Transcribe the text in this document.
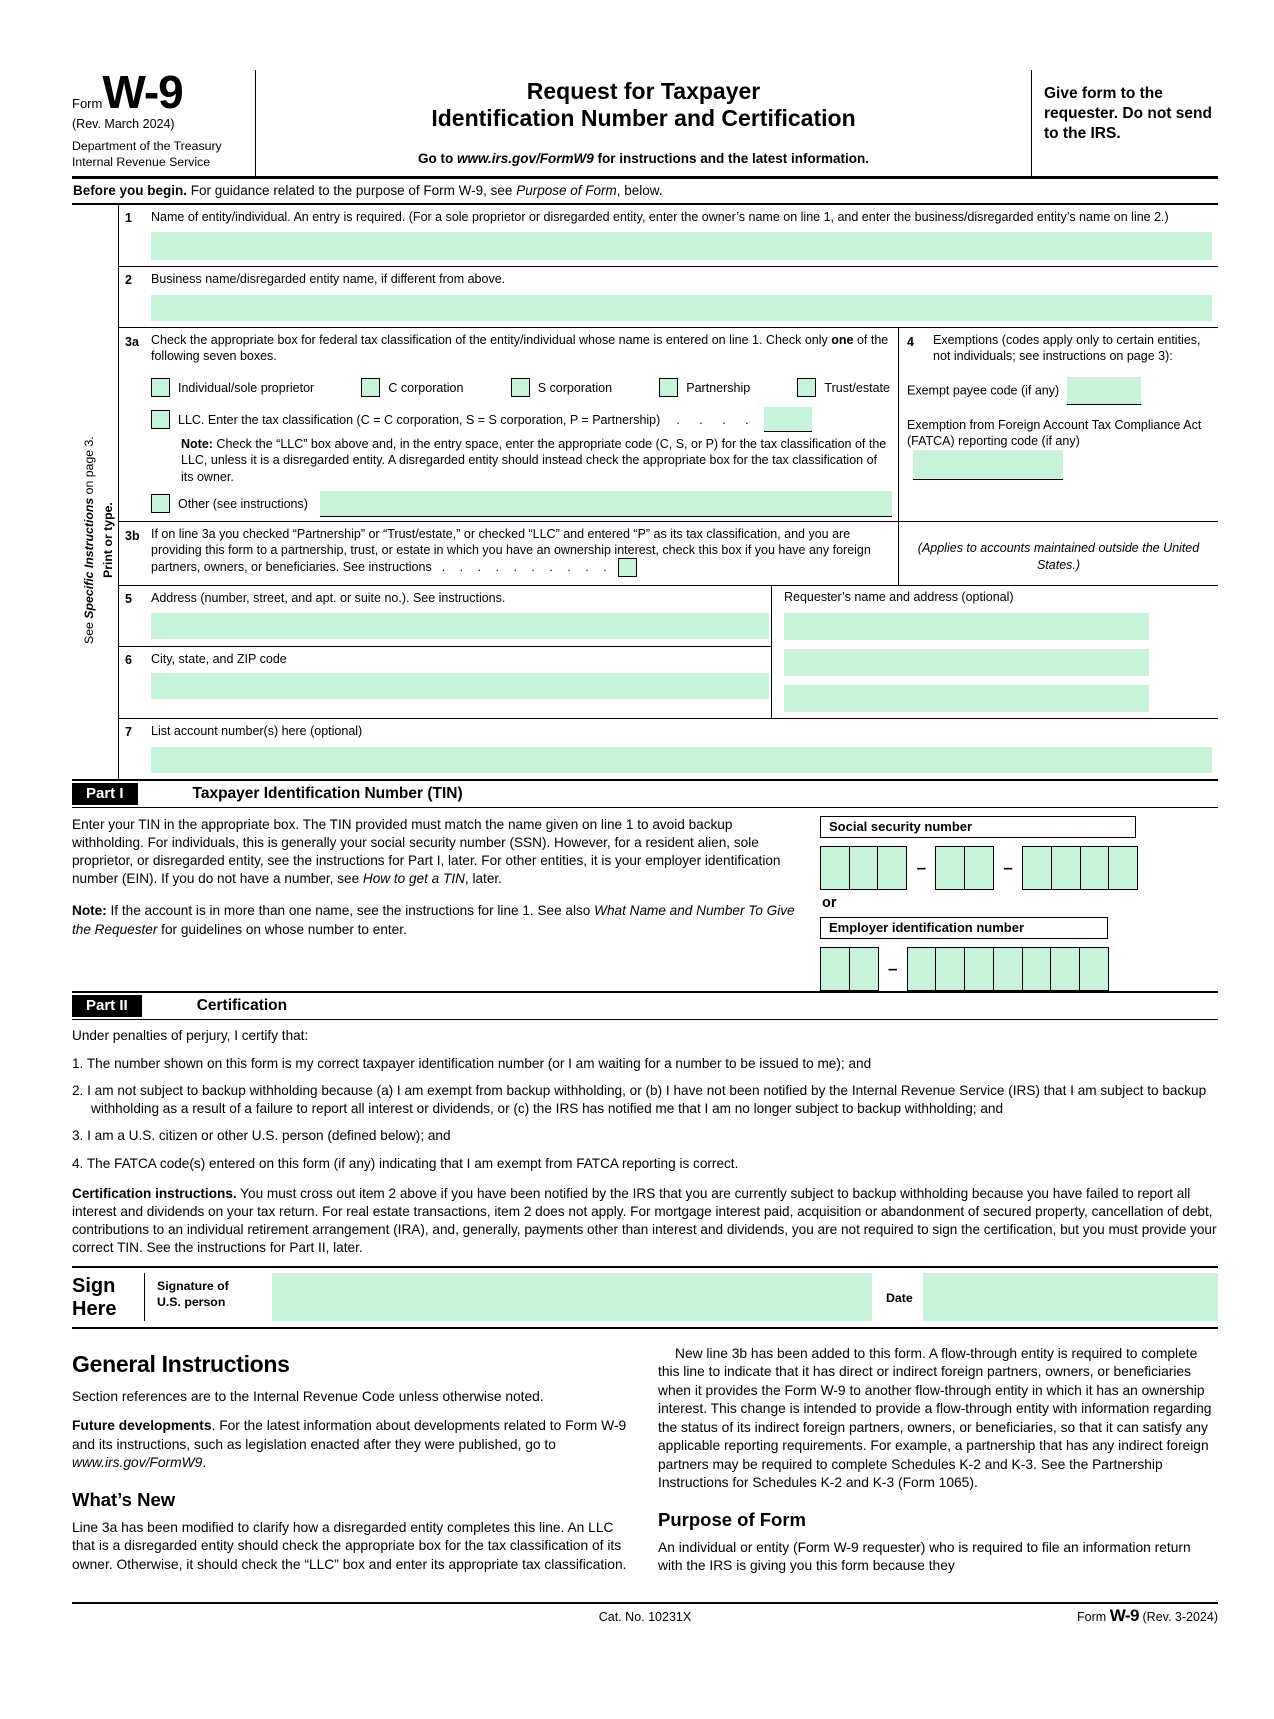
FormW-9
(Rev. March 2024)
Department of the Treasury
Internal Revenue Service
Request for Taxpayer
Identification Number and Certification
Go to www.irs.gov/FormW9 for instructions and the latest information.
Give form to the requester. Do not send to the IRS.
Before you begin. For guidance related to the purpose of Form W-9, see Purpose of Form, below.
Print or type.
See Specific Instructions on page 3.
1	Name of entity/individual. An entry is required. (For a sole proprietor or disregarded entity, enter the owner’s name on line 1, and enter the business/disregarded entity’s name on line 2.)
2	Business name/disregarded entity name, if different from above.
3a Check the appropriate box for federal tax classification of the entity/individual whose name is entered on line 1. Check only one of the following seven boxes.
Individual/sole proprietor	C corporation	S corporation	Partnership	Trust/estate
LLC. Enter the tax classification (C = C corporation, S = S corporation, P = Partnership) . . . .
Note: Check the “LLC” box above and, in the entry space, enter the appropriate code (C, S, or P) for the tax classification of the LLC, unless it is a disregarded entity. A disregarded entity should instead check the appropriate box for the tax classification of its owner.
Other (see instructions)
4	Exemptions (codes apply only to certain entities, not individuals; see instructions on page 3):
Exempt payee code (if any)
Exemption from Foreign Account Tax Compliance Act (FATCA) reporting code (if any)
3b If on line 3a you checked “Partnership” or “Trust/estate,” or checked “LLC” and entered “P” as its tax classification, and you are providing this form to a partnership, trust, or estate in which you have an ownership interest, check this box if you have any foreign partners, owners, or beneficiaries. See instructions . . . . . . . . . .
(Applies to accounts maintained outside the United States.)
5	Address (number, street, and apt. or suite no.). See instructions.
6	City, state, and ZIP code
Requester’s name and address (optional)
7	List account number(s) here (optional)
Part I	Taxpayer Identification Number (TIN)

Enter your TIN in the appropriate box. The TIN provided must match the name given on line 1 to avoid backup withholding. For individuals, this is generally your social security number (SSN). However, for a resident alien, sole proprietor, or disregarded entity, see the instructions for Part I, later. For other entities, it is your employer identification number (EIN). If you do not have a number, see How to get a TIN, later.

Note: If the account is in more than one name, see the instructions for line 1. See also What Name and Number To Give the Requester for guidelines on whose number to enter.

Social security number
–	–
or
Employer identification number
–
Part II	Certification
Under penalties of perjury, I certify that:
1. The number shown on this form is my correct taxpayer identification number (or I am waiting for a number to be issued to me); and
2. I am not subject to backup withholding because (a) I am exempt from backup withholding, or (b) I have not been notified by the Internal Revenue Service (IRS) that I am subject to backup withholding as a result of a failure to report all interest or dividends, or (c) the IRS has notified me that I am no longer subject to backup withholding; and
3. I am a U.S. citizen or other U.S. person (defined below); and
4. The FATCA code(s) entered on this form (if any) indicating that I am exempt from FATCA reporting is correct.
Certification instructions. You must cross out item 2 above if you have been notified by the IRS that you are currently subject to backup withholding because you have failed to report all interest and dividends on your tax return. For real estate transactions, item 2 does not apply. For mortgage interest paid, acquisition or abandonment of secured property, cancellation of debt, contributions to an individual retirement arrangement (IRA), and, generally, payments other than interest and dividends, you are not required to sign the certification, but you must provide your correct TIN. See the instructions for Part II, later.
Sign
Here
Signature of
U.S. person	Date
General Instructions

Section references are to the Internal Revenue Code unless otherwise noted.

Future developments. For the latest information about developments related to Form W-9 and its instructions, such as legislation enacted after they were published, go to www.irs.gov/FormW9.

What’s New

Line 3a has been modified to clarify how a disregarded entity completes this line. An LLC that is a disregarded entity should check the appropriate box for the tax classification of its owner. Otherwise, it should check the “LLC” box and enter its appropriate tax classification.

New line 3b has been added to this form. A flow-through entity is required to complete this line to indicate that it has direct or indirect foreign partners, owners, or beneficiaries when it provides the Form W-9 to another flow-through entity in which it has an ownership interest. This change is intended to provide a flow-through entity with information regarding the status of its indirect foreign partners, owners, or beneficiaries, so that it can satisfy any applicable reporting requirements. For example, a partnership that has any indirect foreign partners may be required to complete Schedules K-2 and K-3. See the Partnership Instructions for Schedules K-2 and K-3 (Form 1065).

Purpose of Form

An individual or entity (Form W-9 requester) who is required to file an information return with the IRS is giving you this form because they

Cat. No. 10231X	Form W-9 (Rev. 3-2024)
